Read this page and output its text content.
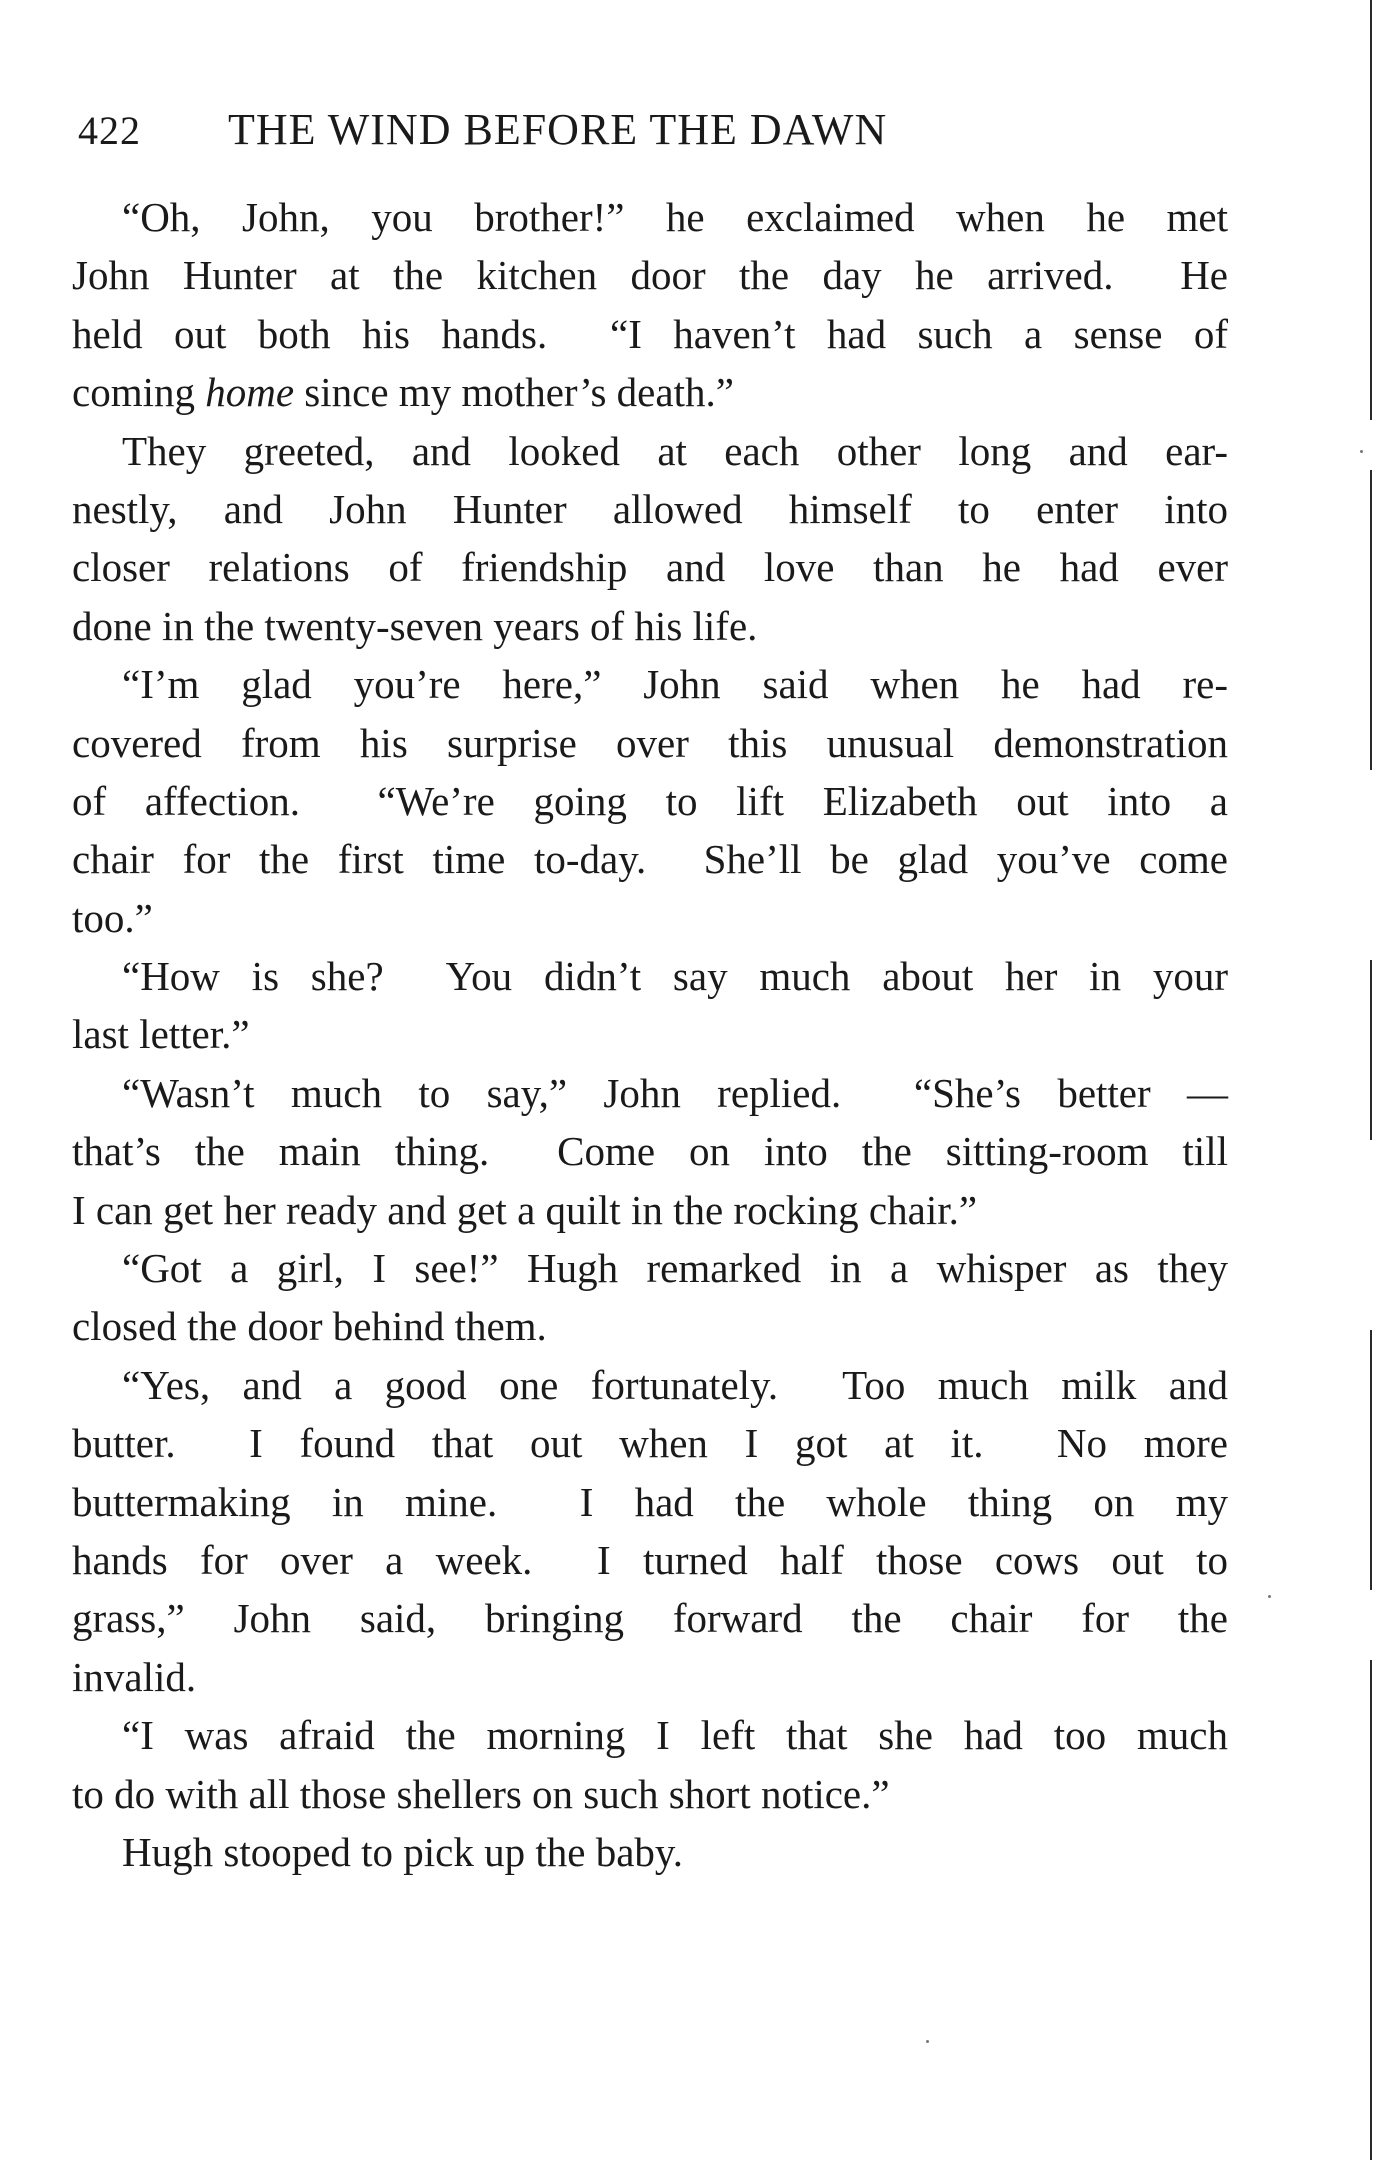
422 THE WIND BEFORE THE DAWN
“Oh, John, you brother!” he exclaimed when he met
John Hunter at the kitchen door the day he arrived.  He
held out both his hands.  “I haven’t had such a sense of
coming home since my mother’s death.”
They greeted, and looked at each other long and ear-
nestly, and John Hunter allowed himself to enter into
closer relations of friendship and love than he had ever
done in the twenty-seven years of his life.
“I’m glad you’re here,” John said when he had re-
covered from his surprise over this unusual demonstration
of affection.  “We’re going to lift Elizabeth out into a
chair for the first time to-day.  She’ll be glad you’ve come
too.”
“How is she?  You didn’t say much about her in your
last letter.”
“Wasn’t much to say,” John replied.  “She’s better —
that’s the main thing.  Come on into the sitting-room till
I can get her ready and get a quilt in the rocking chair.”
“Got a girl, I see!” Hugh remarked in a whisper as they
closed the door behind them.
“Yes, and a good one fortunately.  Too much milk and
butter.  I found that out when I got at it.  No more
buttermaking in mine.  I had the whole thing on my
hands for over a week.  I turned half those cows out to
grass,” John said, bringing forward the chair for the
invalid.
“I was afraid the morning I left that she had too much
to do with all those shellers on such short notice.”
Hugh stooped to pick up the baby.
